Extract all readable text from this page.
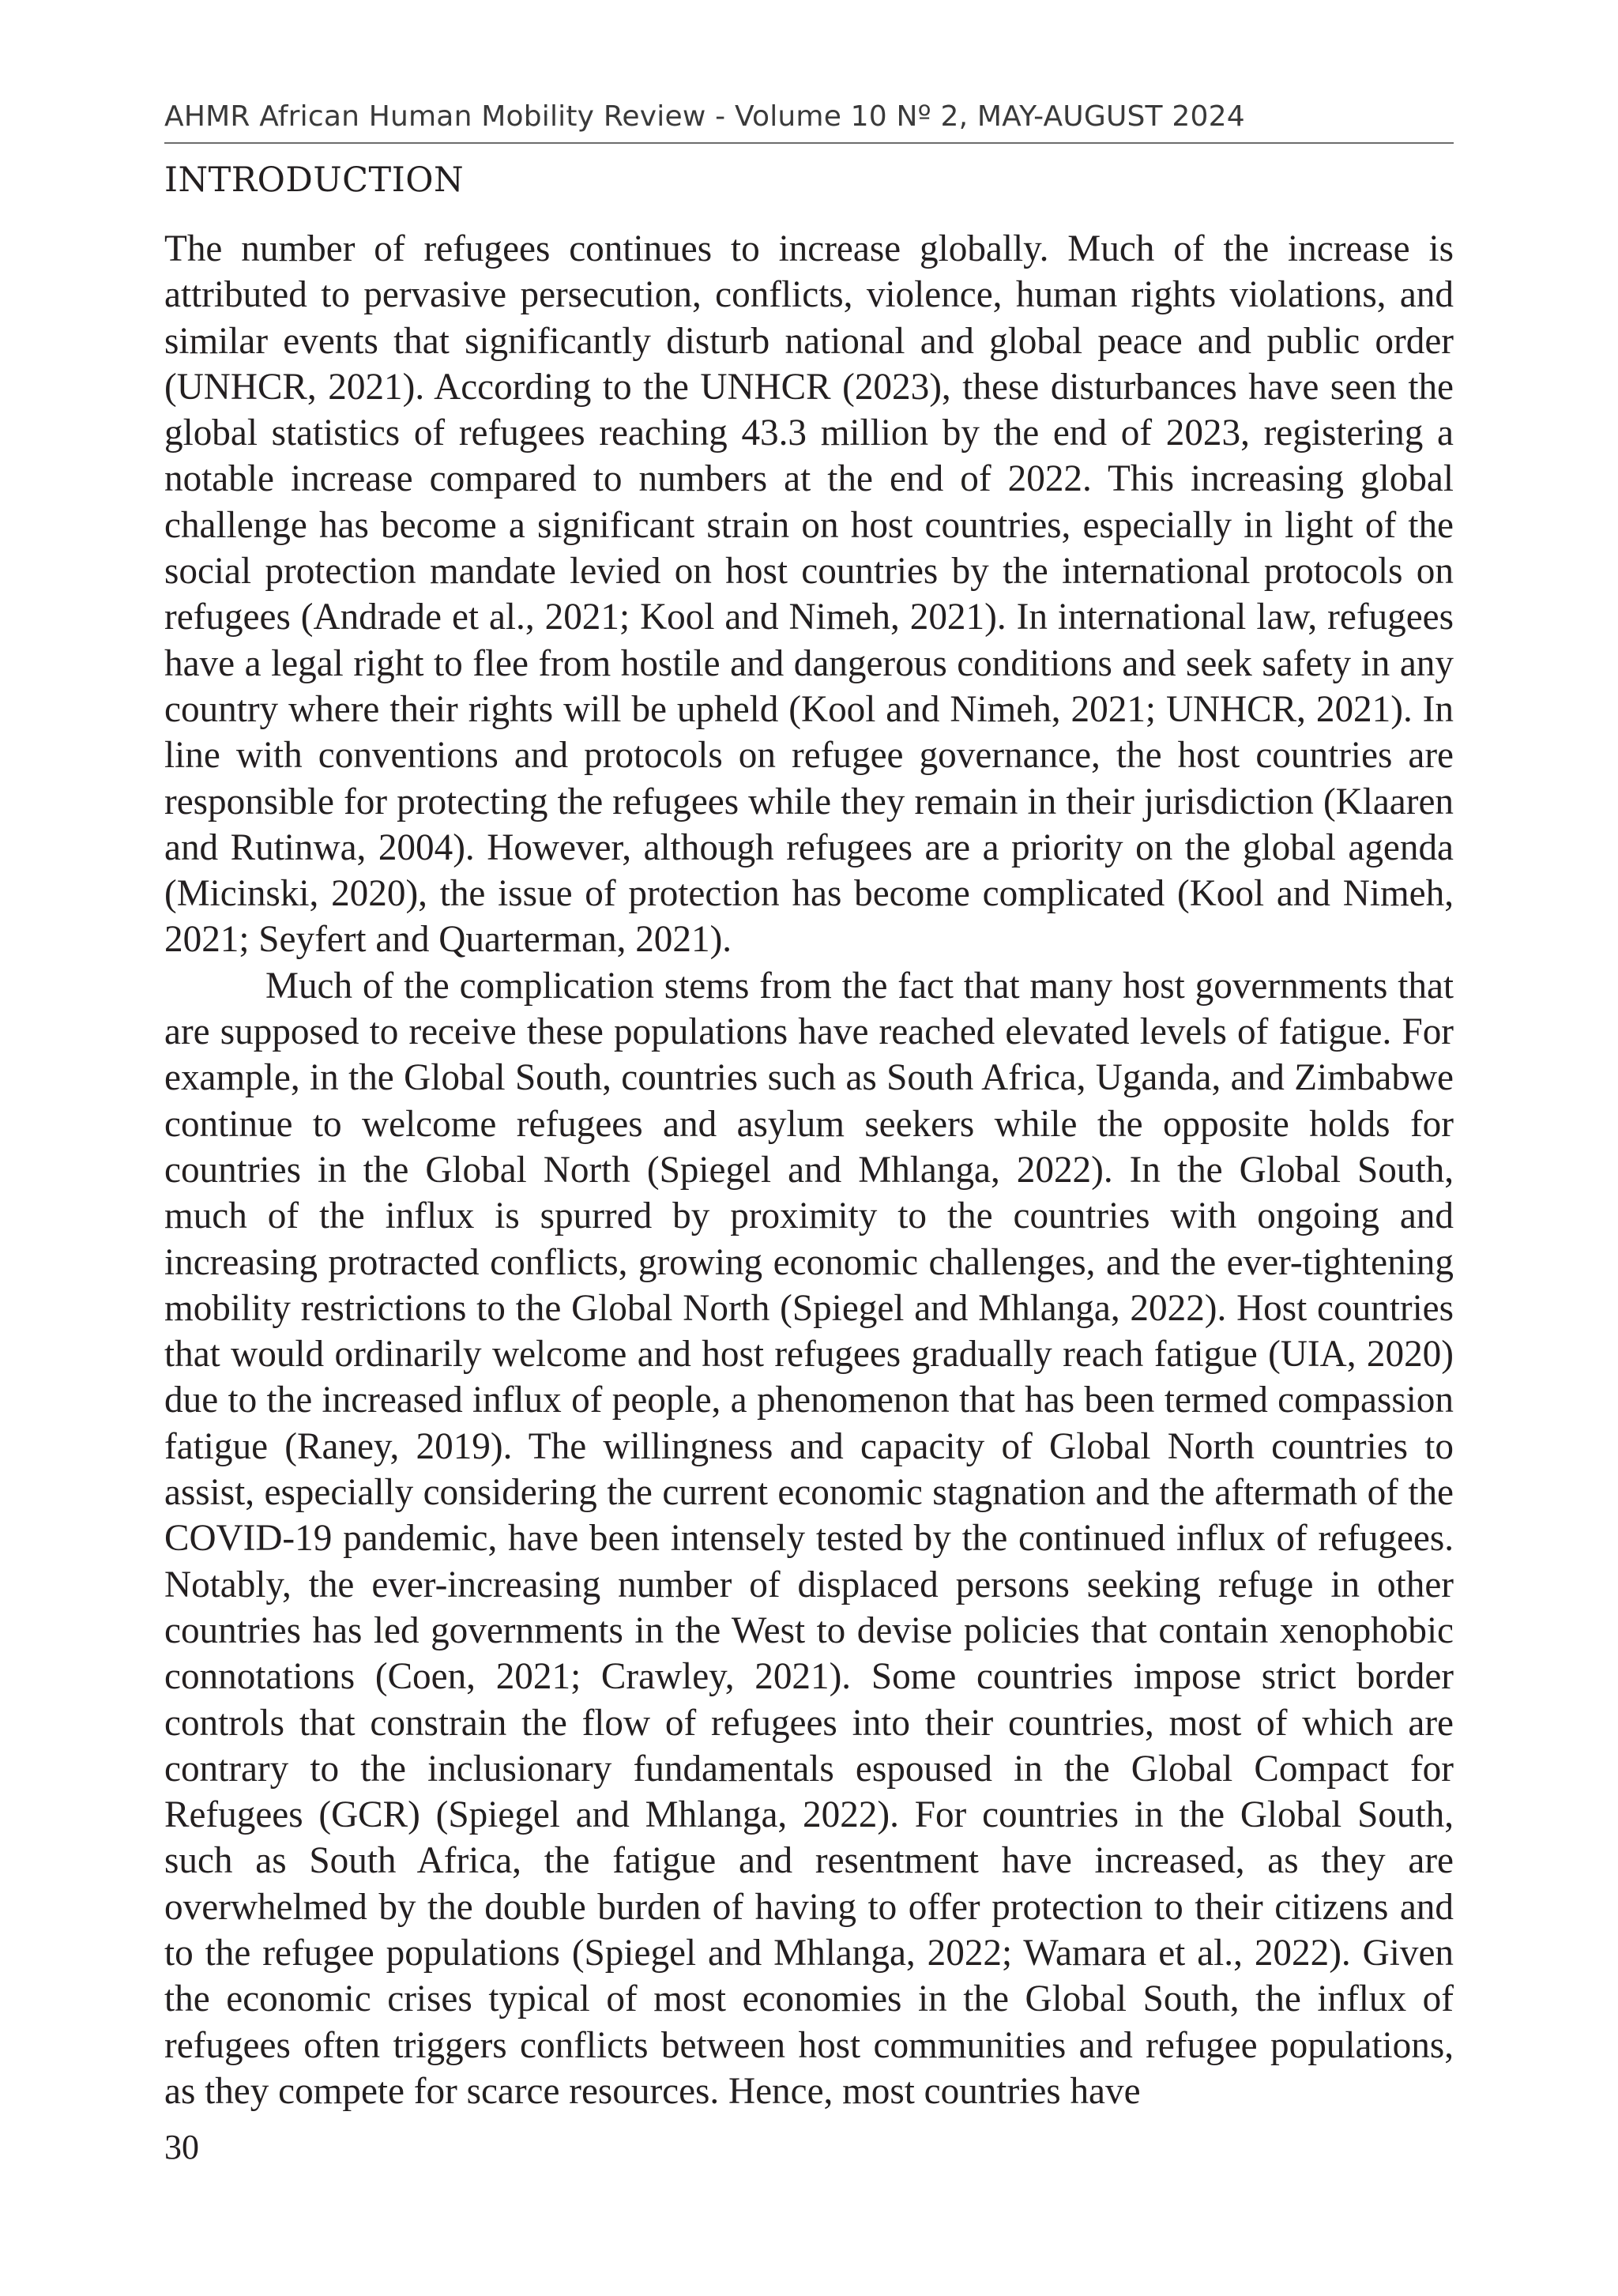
AHMR African Human Mobility Review - Volume 10 Nº 2, MAY-AUGUST 2024
INTRODUCTION

The number of refugees continues to increase globally. Much of the increase is attributed to pervasive persecution, conflicts, violence, human rights violations, and similar events that significantly disturb national and global peace and public order (UNHCR, 2021). According to the UNHCR (2023), these disturbances have seen the global statistics of refugees reaching 43.3 million by the end of 2023, registering a notable increase compared to numbers at the end of 2022. This increasing global challenge has become a significant strain on host countries, especially in light of the social protection mandate levied on host countries by the international protocols on refugees (Andrade et al., 2021; Kool and Nimeh, 2021). In international law, refugees have a legal right to flee from hostile and dangerous conditions and seek safety in any country where their rights will be upheld (Kool and Nimeh, 2021; UNHCR, 2021). In line with conventions and protocols on refugee governance, the host countries are responsible for protecting the refugees while they remain in their jurisdiction (Klaaren and Rutinwa, 2004). However, although refugees are a priority on the global agenda (Micinski, 2020), the issue of protection has become complicated (Kool and Nimeh, 2021; Seyfert and Quarterman, 2021).

Much of the complication stems from the fact that many host governments that are supposed to receive these populations have reached elevated levels of fatigue. For example, in the Global South, countries such as South Africa, Uganda, and Zimbabwe continue to welcome refugees and asylum seekers while the opposite holds for countries in the Global North (Spiegel and Mhlanga, 2022). In the Global South, much of the influx is spurred by proximity to the countries with ongoing and increasing protracted conflicts, growing economic challenges, and the ever-tightening mobility restrictions to the Global North (Spiegel and Mhlanga, 2022). Host countries that would ordinarily welcome and host refugees gradually reach fatigue (UIA, 2020) due to the increased influx of people, a phenomenon that has been termed compassion fatigue (Raney, 2019). The willingness and capacity of Global North countries to assist, especially considering the current economic stagnation and the aftermath of the COVID-19 pandemic, have been intensely tested by the continued influx of refugees. Notably, the ever-increasing number of displaced persons seeking refuge in other countries has led governments in the West to devise policies that contain xenophobic connotations (Coen, 2021; Crawley, 2021). Some countries impose strict border controls that constrain the flow of refugees into their countries, most of which are contrary to the inclusionary fundamentals espoused in the Global Compact for Refugees (GCR) (Spiegel and Mhlanga, 2022). For countries in the Global South, such as South Africa, the fatigue and resentment have increased, as they are overwhelmed by the double burden of having to offer protection to their citizens and to the refugee populations (Spiegel and Mhlanga, 2022; Wamara et al., 2022). Given the economic crises typical of most economies in the Global South, the influx of refugees often triggers conflicts between host communities and refugee populations, as they compete for scarce resources. Hence, most countries have

30
